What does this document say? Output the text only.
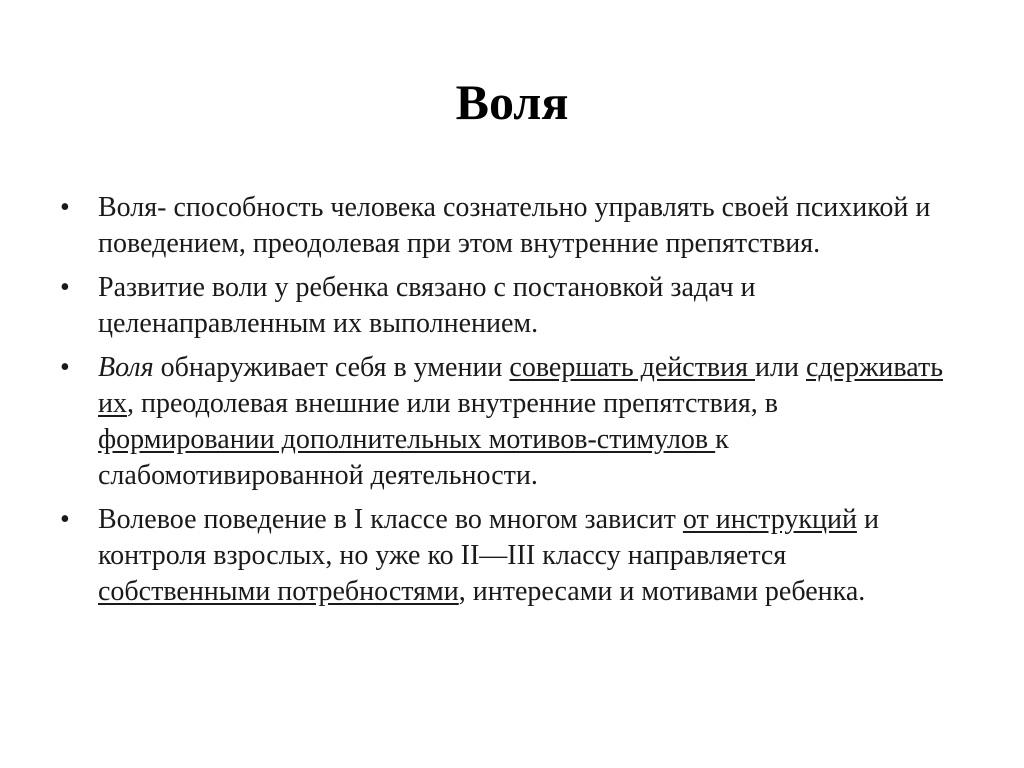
Воля
• Воля- способность человека сознательно управлять своей психикой и поведением, преодолевая при этом внутренние препятствия.
• Развитие воли у ребенка связано с постановкой задач и целенаправленным их выполнением.
• Воля обнаруживает себя в умении совершать действия или сдерживать их, преодолевая внешние или внутренние препятствия, в формировании дополнительных мотивов-стимулов к слабомотивированной деятельности.
• Волевое поведение в I классе во многом зависит от инструкций и контроля взрослых, но уже ко II—III классу направляется собственными потребностями, интересами и мотивами ребенка.
